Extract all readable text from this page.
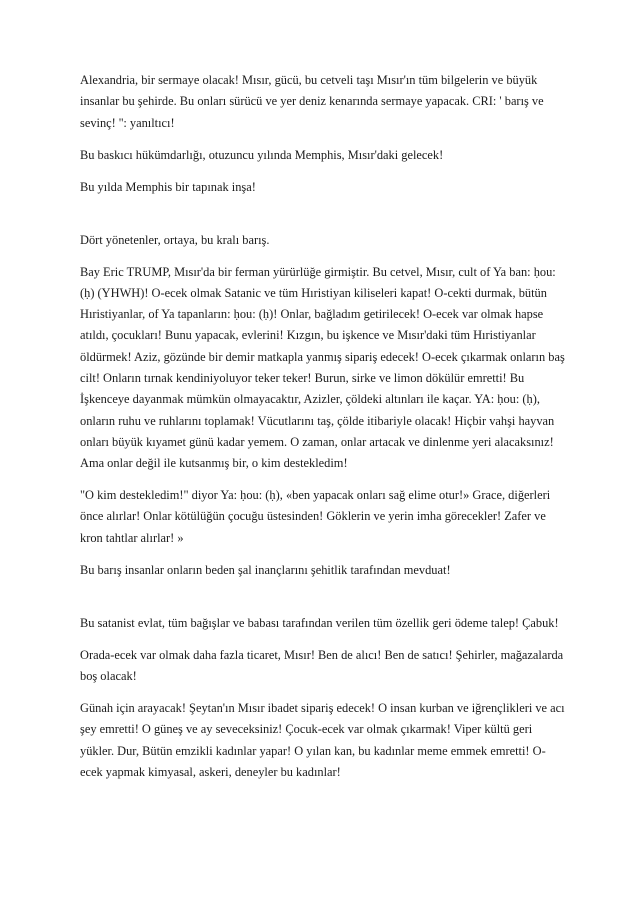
Alexandria, bir sermaye olacak! Mısır, gücü, bu cetveli taşı Mısır'ın tüm bilgelerin ve büyük insanlar bu şehirde. Bu onları sürücü ve yer deniz kenarında sermaye yapacak. CRI: ' barış ve sevinç! '': yanıltıcı!

Bu baskıcı hükümdarlığı, otuzuncu yılında Memphis, Mısır'daki gelecek!

Bu yılda Memphis bir tapınak inşa!

Dört yönetenler, ortaya, bu kralı barış.

Bay Eric TRUMP, Mısır'da bir ferman yürürlüğe girmiştir. Bu cetvel, Mısır, cult of Ya ban: ḥou: (ḥ) (YHWH)! O-ecek olmak Satanic ve tüm Hıristiyan kiliseleri kapat! O-cekti durmak, bütün Hıristiyanlar, of Ya tapanların: ḥou: (ḥ)! Onlar, bağladım getirilecek! O-ecek var olmak hapse atıldı, çocukları! Bunu yapacak, evlerini! Kızgın, bu işkence ve Mısır'daki tüm Hıristiyanlar öldürmek! Aziz, gözünde bir demir matkapla yanmış sipariş edecek! O-ecek çıkarmak onların baş cilt! Onların tırnak kendiniyoluyor teker teker! Burun, sirke ve limon dökülür emretti! Bu İşkenceye dayanmak mümkün olmayacaktır, Azizler, çöldeki altınları ile kaçar. YA: ḥou: (ḥ), onların ruhu ve ruhlarını toplamak! Vücutlarını taş, çölde itibariyle olacak! Hiçbir vahşi hayvan onları büyük kıyamet günü kadar yemem. O zaman, onlar artacak ve dinlenme yeri alacaksınız! Ama onlar değil ile kutsanmış bir, o kim destekledim!

"O kim destekledim!" diyor Ya: ḥou: (ḥ), «ben yapacak onları sağ elime otur!» Grace, diğerleri önce alırlar! Onlar kötülüğün çocuğu üstesinden! Göklerin ve yerin imha görecekler! Zafer ve kron tahtlar alırlar! »

Bu barış insanlar onların beden şal inançlarını şehitlik tarafından mevduat!

Bu satanist evlat, tüm bağışlar ve babası tarafından verilen tüm özellik geri ödeme talep! Çabuk!

Orada-ecek var olmak daha fazla ticaret, Mısır! Ben de alıcı! Ben de satıcı! Şehirler, mağazalarda boş olacak!

Günah için arayacak! Şeytan'ın Mısır ibadet sipariş edecek! O insan kurban ve iğrençlikleri ve acı şey emretti! O güneş ve ay seveceksiniz! Çocuk-ecek var olmak çıkarmak! Viper kültü geri yükler. Dur, Bütün emzikli kadınlar yapar! O yılan kan, bu kadınlar meme emmek emretti! O-ecek yapmak kimyasal, askeri, deneyler bu kadınlar!
